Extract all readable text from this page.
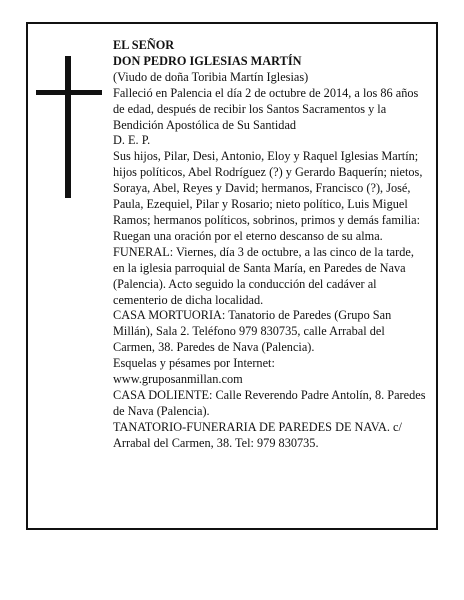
EL SEÑOR

DON PEDRO IGLESIAS MARTÍN

(Viudo de doña Toribia Martín Iglesias)

Falleció en Palencia el día 2 de octubre de 2014, a los 86 años de edad, después de recibir los Santos Sacramentos y la Bendición Apostólica de Su Santidad

D. E. P.

Sus hijos, Pilar, Desi, Antonio, Eloy y Raquel Iglesias Martín; hijos políticos, Abel Rodríguez (?) y Gerardo Baquerín; nietos, Soraya, Abel, Reyes y David; hermanos, Francisco (?), José, Paula, Ezequiel, Pilar y Rosario; nieto político, Luis Miguel Ramos; hermanos políticos, sobrinos, primos y demás familia:

Ruegan una oración por el eterno descanso de su alma.

FUNERAL: Viernes, día 3 de octubre, a las cinco de la tarde, en la iglesia parroquial de Santa María, en Paredes de Nava (Palencia). Acto seguido la conducción del cadáver al cementerio de dicha localidad.

CASA MORTUORIA: Tanatorio de Paredes (Grupo San Millán), Sala 2. Teléfono 979 830735, calle Arrabal del Carmen, 38. Paredes de Nava (Palencia).

Esquelas y pésames por Internet:

www.gruposanmillan.com

CASA DOLIENTE: Calle Reverendo Padre Antolín, 8. Paredes de Nava (Palencia).

TANATORIO-FUNERARIA DE PAREDES DE NAVA. c/ Arrabal del Carmen, 38. Tel: 979 830735.
